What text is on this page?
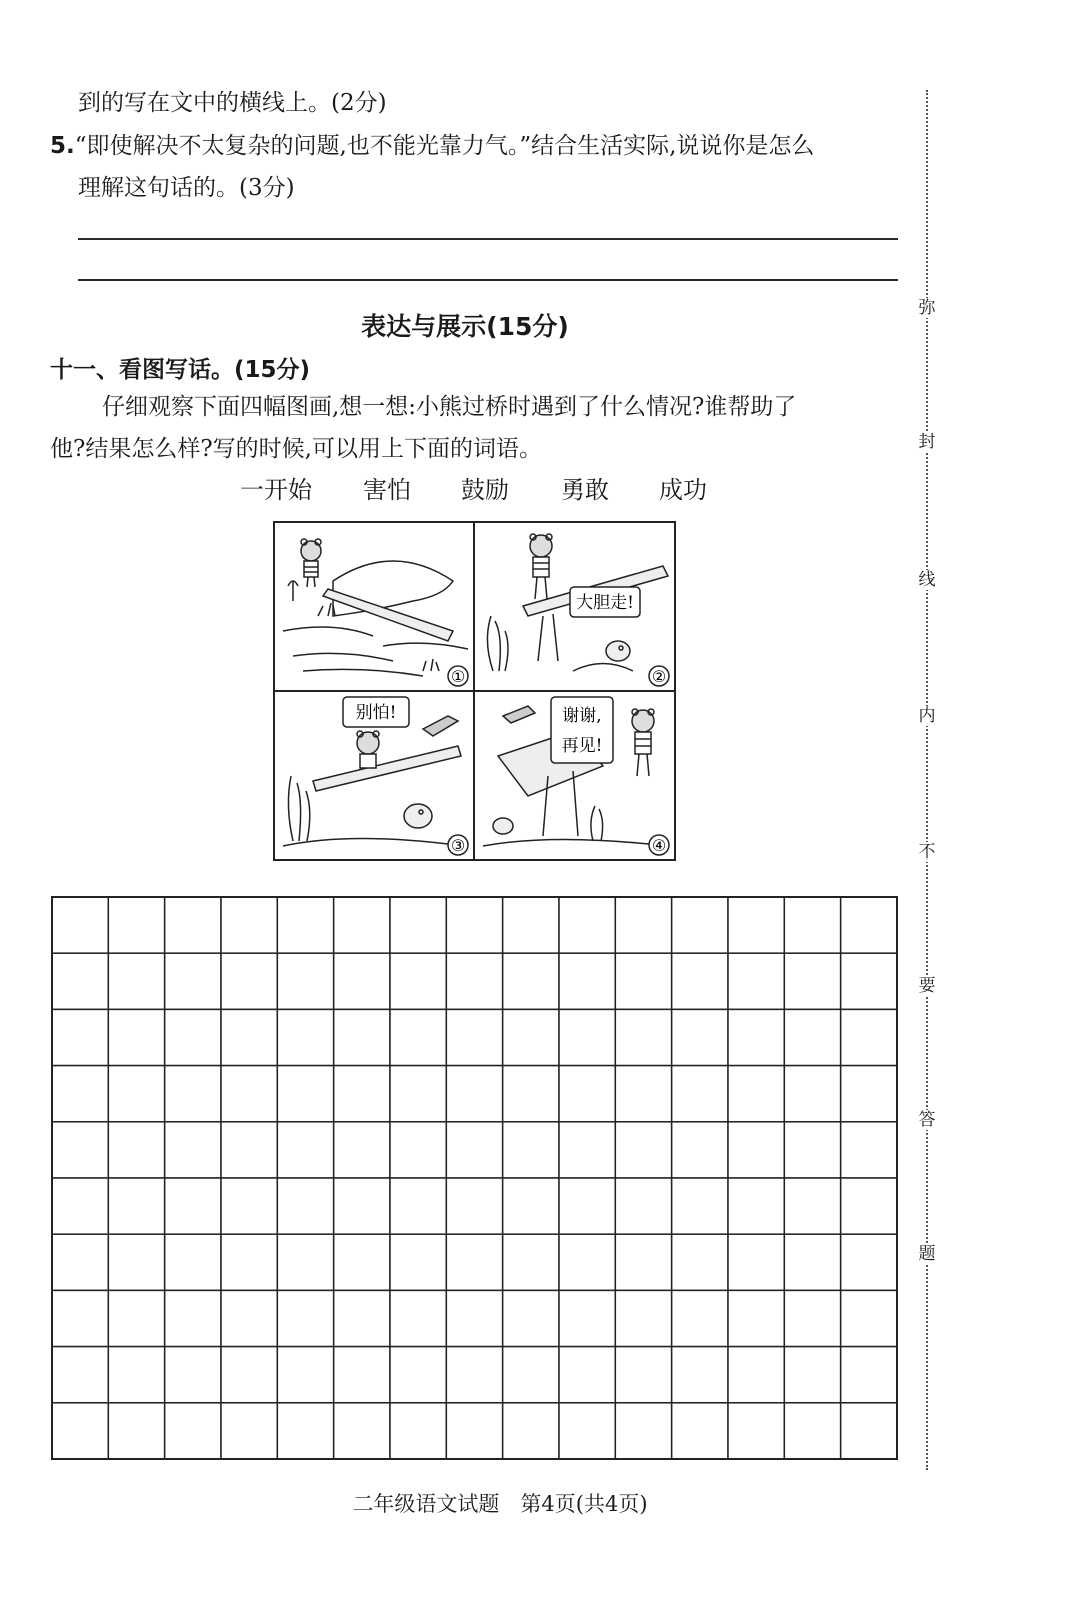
到的写在文中的横线上。(2分)
5.“即使解决不太复杂的问题,也不能光靠力气。”结合生活实际,说说你是怎么
理解这句话的。(3分)
表达与展示(15分)
十一、看图写话。(15分)
仔细观察下面四幅图画,想一想:小熊过桥时遇到了什么情况?谁帮助了
他?结果怎么样?写的时候,可以用上下面的词语。
一开始 害怕 鼓励 勇敢 成功
①
大胆走!
②
别怕!
③
谢谢,
再见!
④
弥
封
线
内
不
要
答
题
二年级语文试题　第4页(共4页)
